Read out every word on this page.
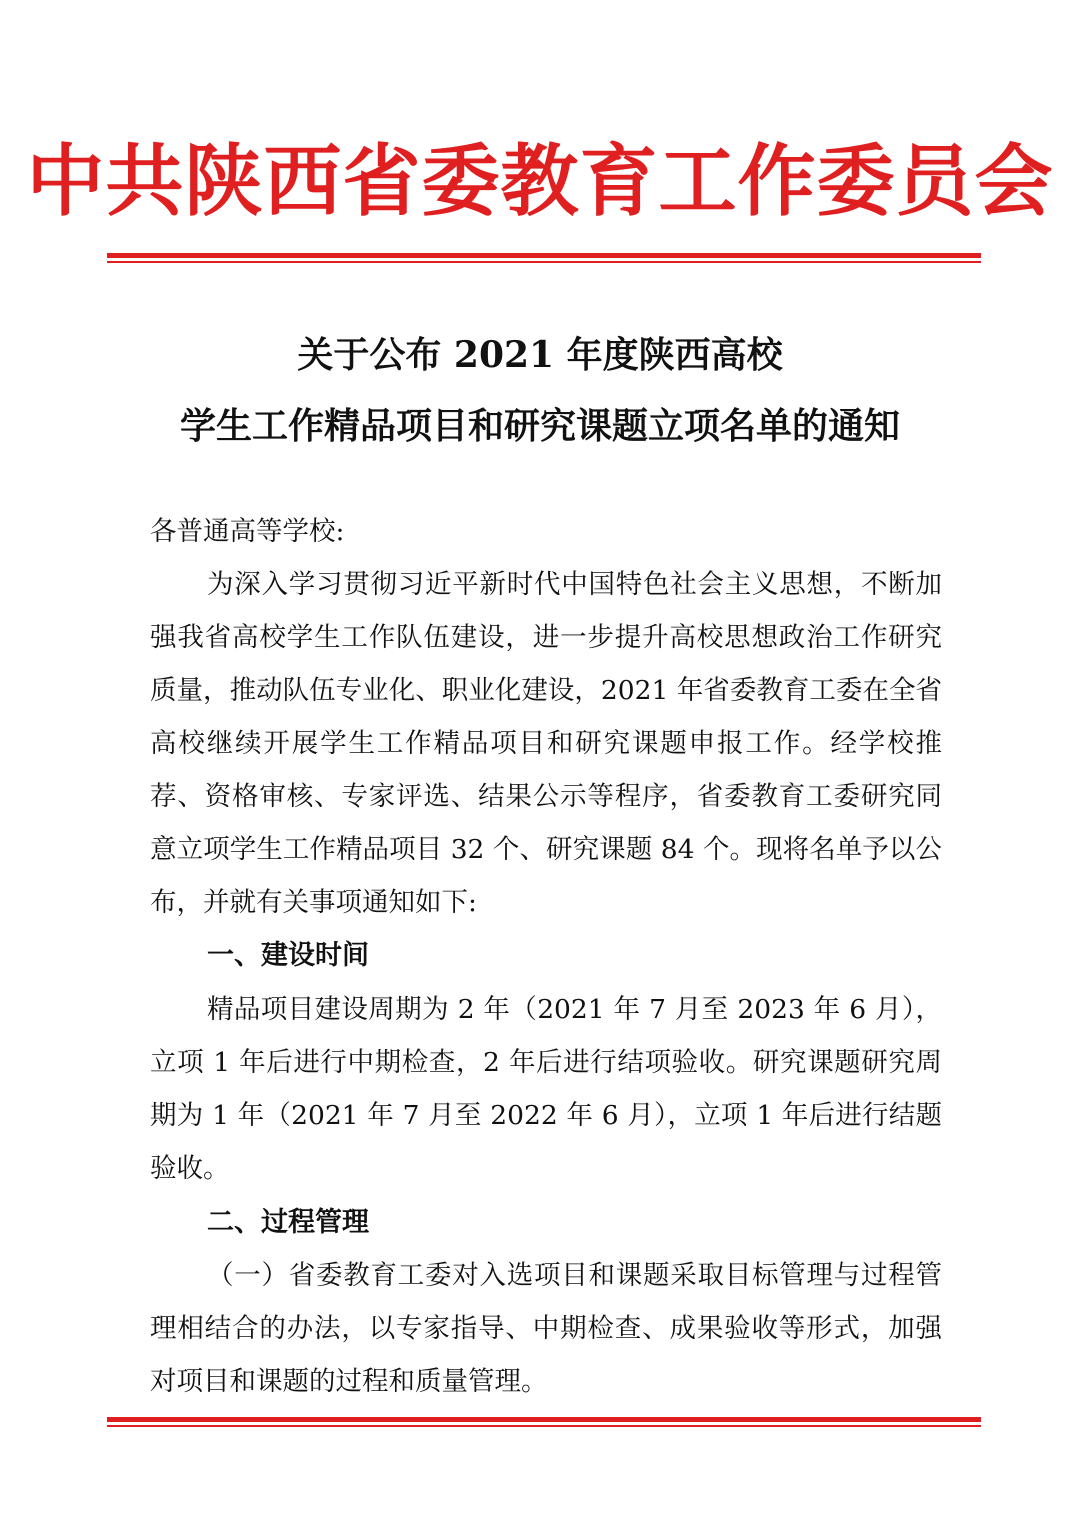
中共陕西省委教育工作委员会
关于公布 2021 年度陕西高校
学生工作精品项目和研究课题立项名单的通知
各普通高等学校:
为深入学习贯彻习近平新时代中国特色社会主义思想，不断加强我省高校学生工作队伍建设，进一步提升高校思想政治工作研究质量，推动队伍专业化、职业化建设，2021 年省委教育工委在全省高校继续开展学生工作精品项目和研究课题申报工作。经学校推荐、资格审核、专家评选、结果公示等程序，省委教育工委研究同意立项学生工作精品项目 32 个、研究课题 84 个。现将名单予以公布，并就有关事项通知如下:
一、建设时间
精品项目建设周期为 2 年（2021 年 7 月至 2023 年 6 月），立项 1 年后进行中期检查，2 年后进行结项验收。研究课题研究周期为 1 年（2021 年 7 月至 2022 年 6 月），立项 1 年后进行结题验收。
二、过程管理
（一）省委教育工委对入选项目和课题采取目标管理与过程管理相结合的办法，以专家指导、中期检查、成果验收等形式，加强对项目和课题的过程和质量管理。
